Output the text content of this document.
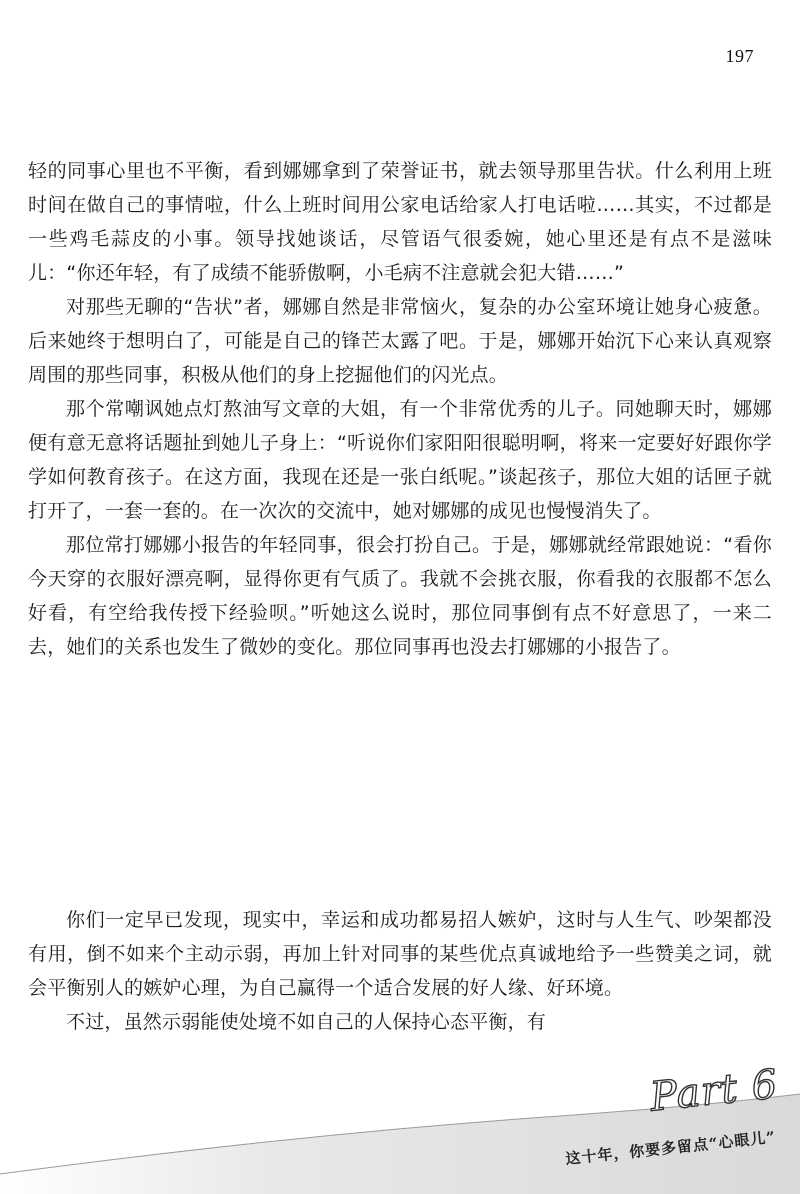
197

轻的同事心里也不平衡，看到娜娜拿到了荣誉证书，就去领导那里告状。什么利用上班时间在做自己的事情啦，什么上班时间用公家电话给家人打电话啦……其实，不过都是一些鸡毛蒜皮的小事。领导找她谈话，尽管语气很委婉，她心里还是有点不是滋味儿：“你还年轻，有了成绩不能骄傲啊，小毛病不注意就会犯大错……”

对那些无聊的“告状”者，娜娜自然是非常恼火，复杂的办公室环境让她身心疲惫。后来她终于想明白了，可能是自己的锋芒太露了吧。于是，娜娜开始沉下心来认真观察周围的那些同事，积极从他们的身上挖掘他们的闪光点。

那个常嘲讽她点灯熬油写文章的大姐，有一个非常优秀的儿子。同她聊天时，娜娜便有意无意将话题扯到她儿子身上：“听说你们家阳阳很聪明啊，将来一定要好好跟你学学如何教育孩子。在这方面，我现在还是一张白纸呢。”谈起孩子，那位大姐的话匣子就打开了，一套一套的。在一次次的交流中，她对娜娜的成见也慢慢消失了。

那位常打娜娜小报告的年轻同事，很会打扮自己。于是，娜娜就经常跟她说：“看你今天穿的衣服好漂亮啊，显得你更有气质了。我就不会挑衣服，你看我的衣服都不怎么好看，有空给我传授下经验呗。”听她这么说时，那位同事倒有点不好意思了，一来二去，她们的关系也发生了微妙的变化。那位同事再也没去打娜娜的小报告了。

你们一定早已发现，现实中，幸运和成功都易招人嫉妒，这时与人生气、吵架都没有用，倒不如来个主动示弱，再加上针对同事的某些优点真诚地给予一些赞美之词，就会平衡别人的嫉妒心理，为自己赢得一个适合发展的好人缘、好环境。

不过，虽然示弱能使处境不如自己的人保持心态平衡，有

Part 6
这十年，你要多留点“心眼儿”
